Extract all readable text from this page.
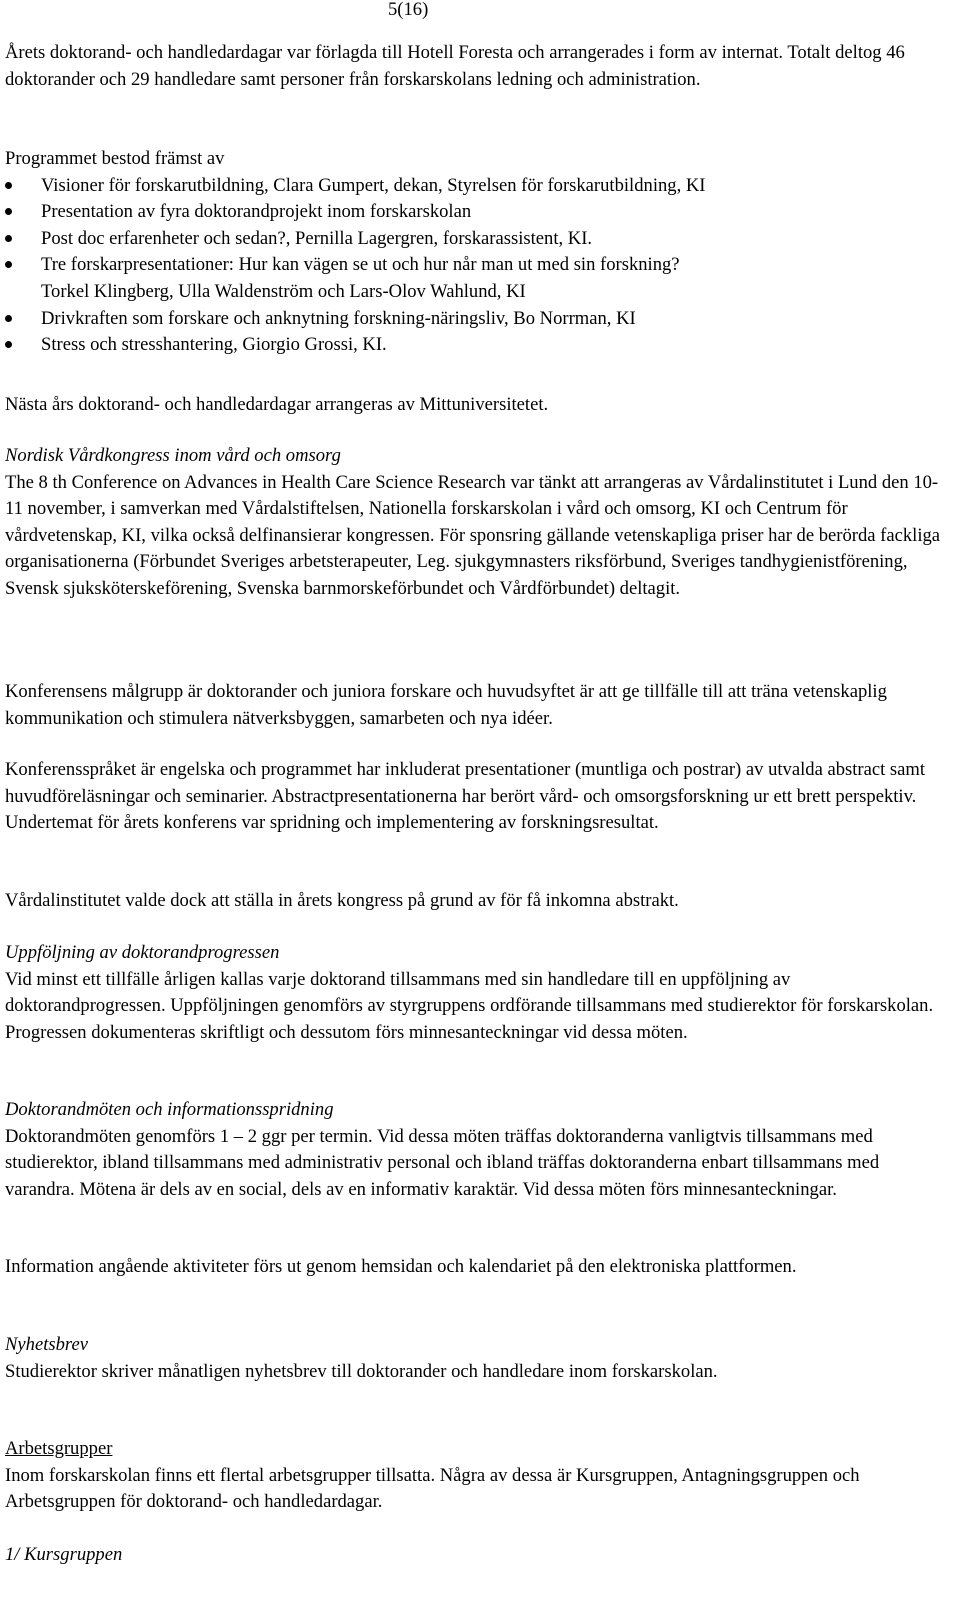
5(16)

Årets doktorand- och handledardagar var förlagda till Hotell Foresta och arrangerades i form av internat. Totalt deltog 46 doktorander och 29 handledare samt personer från forskarskolans ledning och administration.

Programmet bestod främst av

Visioner för forskarutbildning, Clara Gumpert, dekan, Styrelsen för forskarutbildning, KI
Presentation av fyra doktorandprojekt inom forskarskolan
Post doc erfarenheter och sedan?, Pernilla Lagergren, forskarassistent, KI.
Tre forskarpresentationer: Hur kan vägen se ut och hur når man ut med sin forskning?
Torkel Klingberg, Ulla Waldenström och Lars-Olov Wahlund, KI
Drivkraften som forskare och anknytning forskning-näringsliv, Bo Norrman, KI
Stress och stresshantering, Giorgio Grossi, KI.

Nästa års doktorand- och handledardagar arrangeras av Mittuniversitetet.

Nordisk Vårdkongress inom vård och omsorg

The 8 th Conference on Advances in Health Care Science Research var tänkt att arrangeras av Vårdalinstitutet i Lund den 10-11 november, i samverkan med Vårdalstiftelsen, Nationella forskarskolan i vård och omsorg, KI och Centrum för vårdvetenskap, KI, vilka också delfinansierar kongressen. För sponsring gällande vetenskapliga priser har de berörda fackliga organisationerna (Förbundet Sveriges arbetsterapeuter, Leg. sjukgymnasters riksförbund, Sveriges tandhygienistförening, Svensk sjuksköterskeförening, Svenska barnmorskeförbundet och Vårdförbundet) deltagit.

Konferensens målgrupp är doktorander och juniora forskare och huvudsyftet är att ge tillfälle till att träna vetenskaplig kommunikation och stimulera nätverksbyggen, samarbeten och nya idéer.

Konferensspråket är engelska och programmet har inkluderat presentationer (muntliga och postrar) av utvalda abstract samt huvudföreläsningar och seminarier. Abstractpresentationerna har berört vård- och omsorgsforskning ur ett brett perspektiv. Undertemat för årets konferens var spridning och implementering av forskningsresultat.

Vårdalinstitutet valde dock att ställa in årets kongress på grund av för få inkomna abstrakt.

Uppföljning av doktorandprogressen

Vid minst ett tillfälle årligen kallas varje doktorand tillsammans med sin handledare till en uppföljning av doktorandprogressen. Uppföljningen genomförs av styrgruppens ordförande tillsammans med studierektor för forskarskolan. Progressen dokumenteras skriftligt och dessutom förs minnesanteckningar vid dessa möten.

Doktorandmöten och informationsspridning

Doktorandmöten genomförs 1 – 2 ggr per termin. Vid dessa möten träffas doktoranderna vanligtvis tillsammans med studierektor, ibland tillsammans med administrativ personal och ibland träffas doktoranderna enbart tillsammans med varandra. Mötena är dels av en social, dels av en informativ karaktär. Vid dessa möten förs minnesanteckningar.

Information angående aktiviteter förs ut genom hemsidan och kalendariet på den elektroniska plattformen.

Nyhetsbrev

Studierektor skriver månatligen nyhetsbrev till doktorander och handledare inom forskarskolan.

Arbetsgrupper

Inom forskarskolan finns ett flertal arbetsgrupper tillsatta. Några av dessa är Kursgruppen, Antagningsgruppen och Arbetsgruppen för doktorand- och handledardagar.

1/ Kursgruppen
